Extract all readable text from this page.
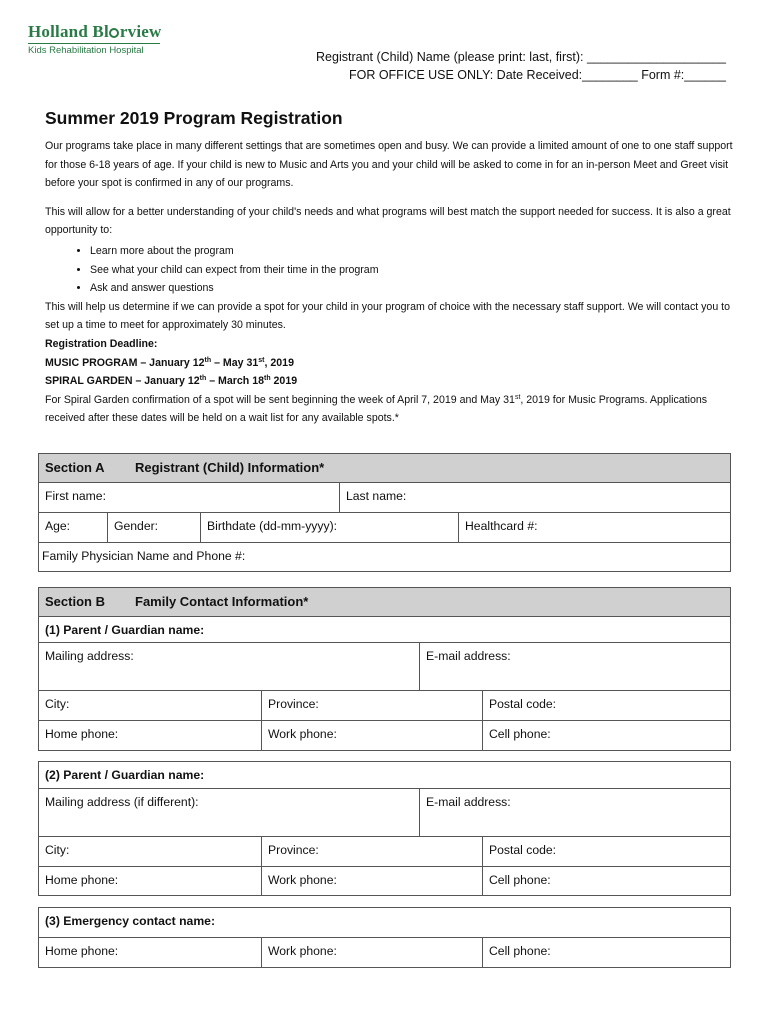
Holland Bl rview
Kids Rehabilitation Hospital	Registrant (Child) Name (please print: last, first): ____________________
FOR OFFICE USE ONLY: Date Received:________ Form #:______
Summer 2019 Program Registration

Our programs take place in many different settings that are sometimes open and busy. We can provide a limited amount of one to one staff support for those 6-18 years of age. If your child is new to Music and Arts you and your child will be asked to come in for an in-person Meet and Greet visit before your spot is confirmed in any of our programs.

This will allow for a better understanding of your child's needs and what programs will best match the support needed for success. It is also a great opportunity to:

• Learn more about the program
• See what your child can expect from their time in the program
• Ask and answer questions

This will help us determine if we can provide a spot for your child in your program of choice with the necessary staff support. We will contact you to set up a time to meet for approximately 30 minutes.

Registration Deadline:

MUSIC PROGRAM – January 12th – May 31st, 2019

SPIRAL GARDEN – January 12th – March 18th 2019

For Spiral Garden confirmation of a spot will be sent beginning the week of April 7, 2019 and May 31st, 2019 for Music Programs. Applications received after these dates will be held on a wait list for any available spots.*

Section A	Registrant (Child) Information*
First name:	Last name:
Age:	Gender:	Birthdate (dd-mm-yyyy):	Healthcard #:
Family Physician Name and Phone #:
Section B	Family Contact Information*
(1) Parent / Guardian name:
Mailing address:	E-mail address:
City:	Province:	Postal code:
Home phone:	Work phone:	Cell phone:
(2) Parent / Guardian name:
Mailing address (if different):	E-mail address:
City:	Province:	Postal code:
Home phone:	Work phone:	Cell phone:
(3) Emergency contact name:
Home phone:	Work phone:	Cell phone:
